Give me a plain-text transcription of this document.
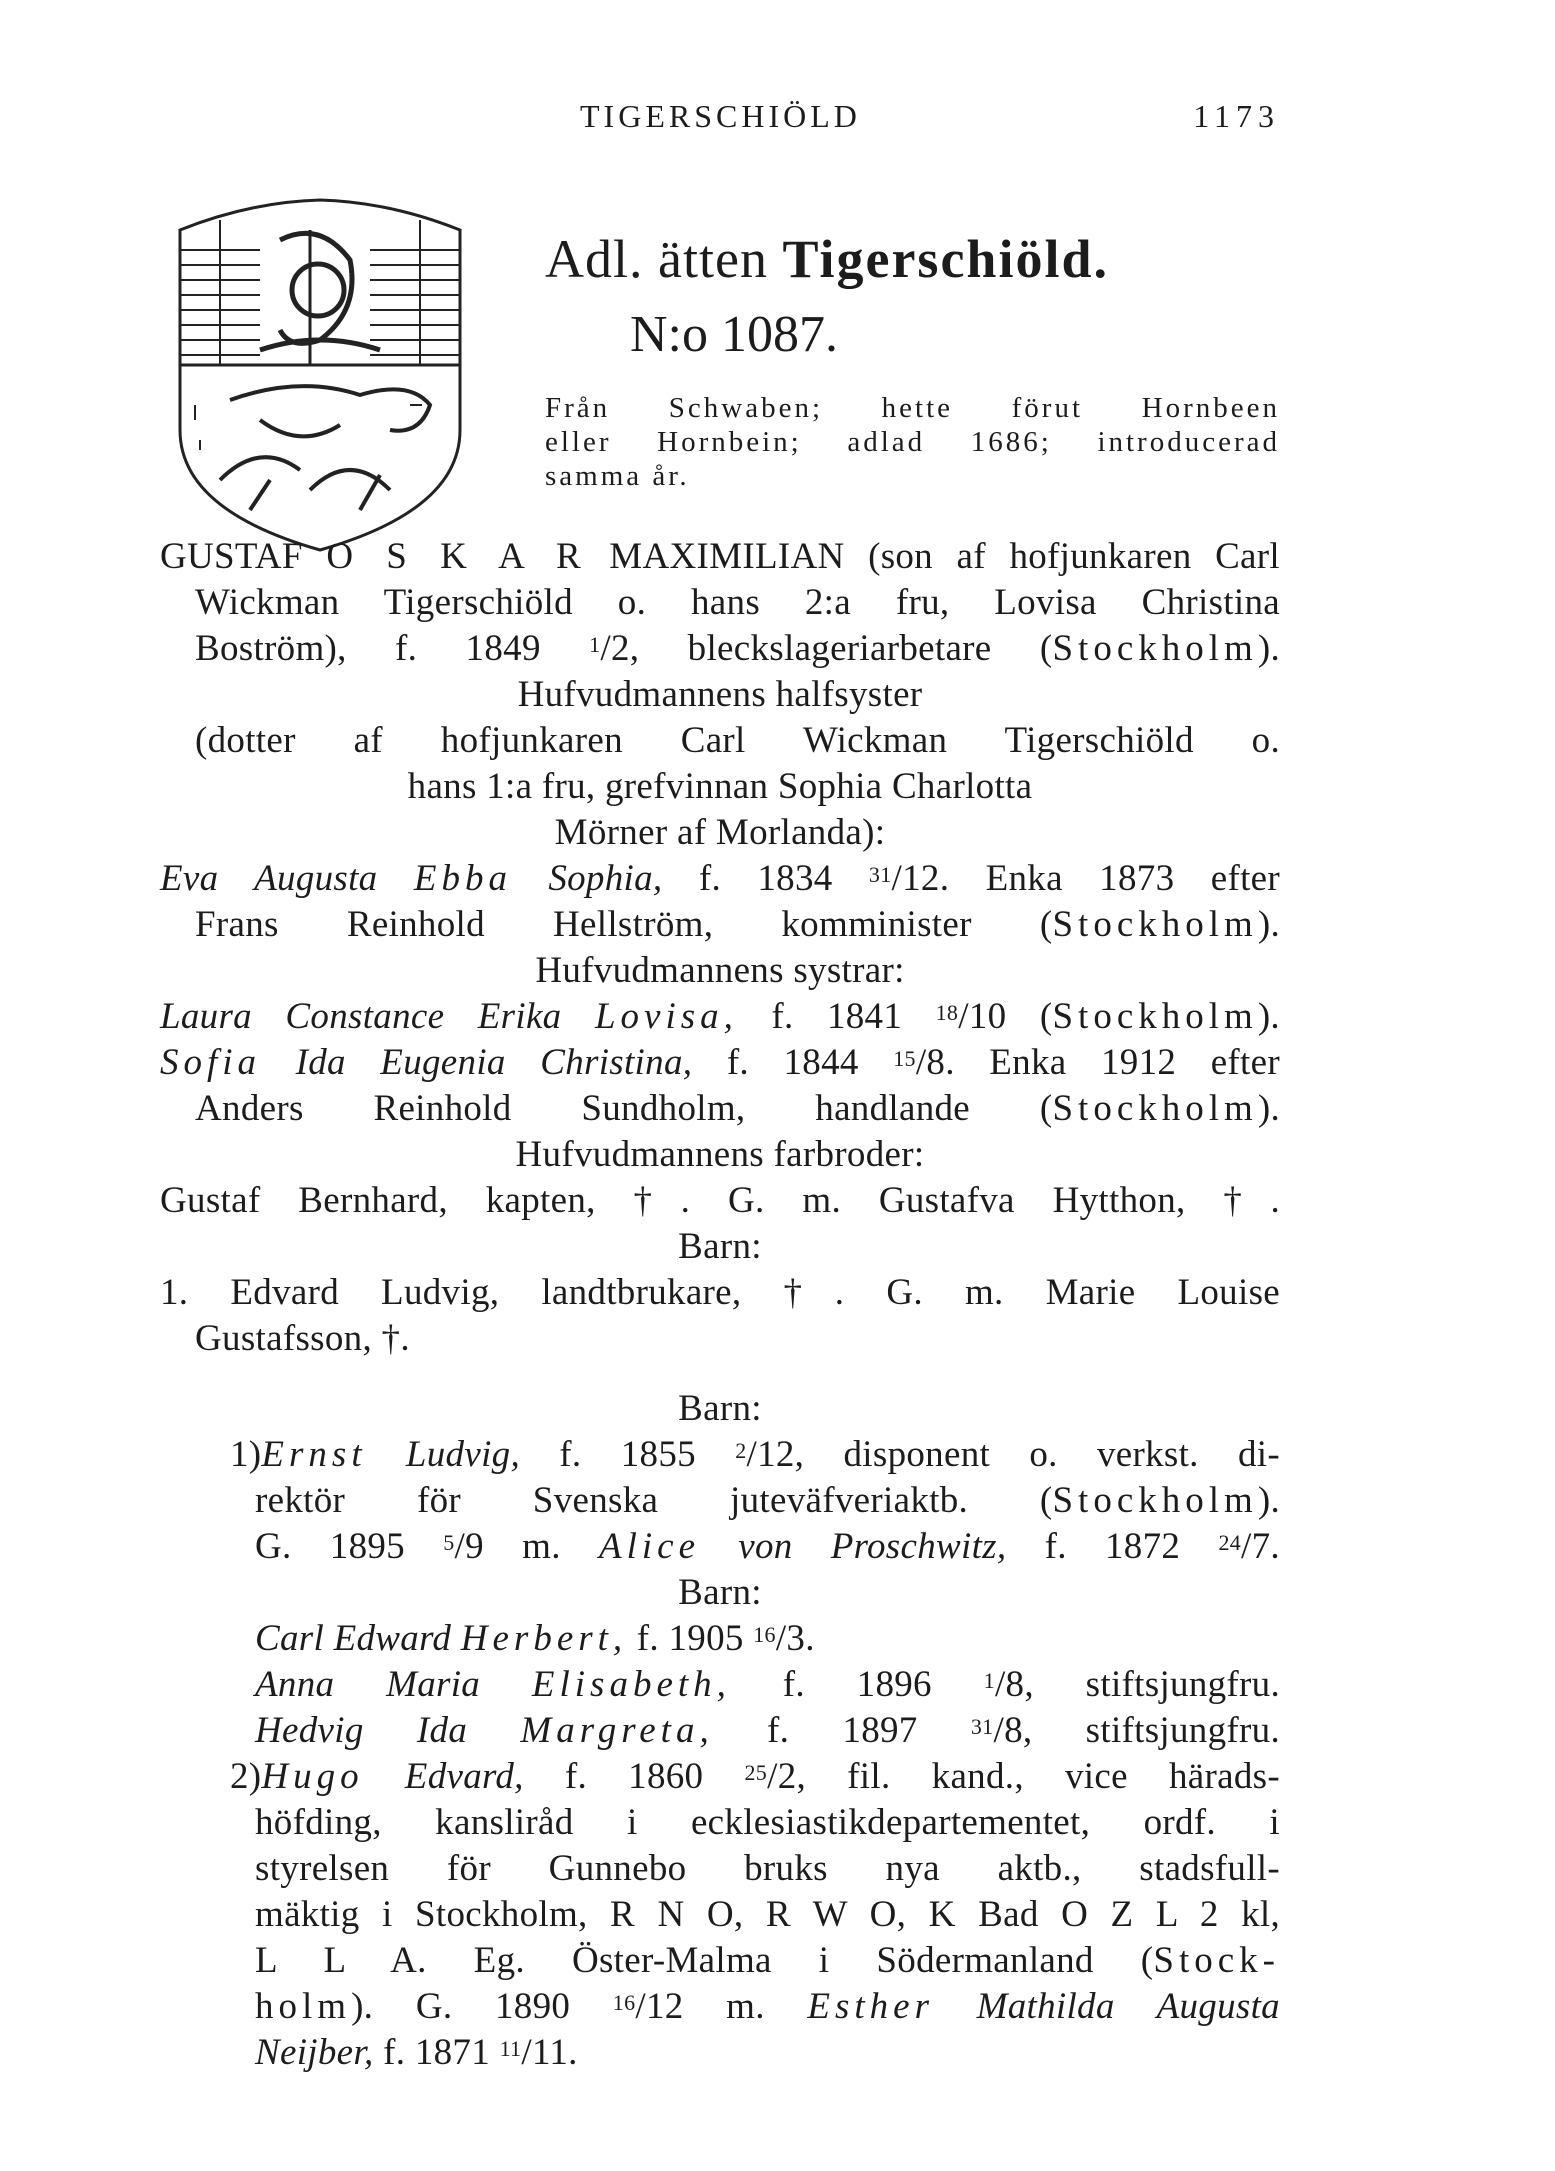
TIGERSCHIÖLD	1173
Adl. ätten Tigerschiöld.
N:o 1087.
Från Schwaben; hette förut Hornbeen
eller Hornbein; adlad 1686; introducerad
samma år.
GUSTAF O S K A R MAXIMILIAN (son af hofjunkaren Carl
Wickman Tigerschiöld o. hans 2:a fru, Lovisa Christina
Boström), f. 1849 $^1$/2, bleckslageriarbetare (Stockholm).
Hufvudmannens halfsyster
(dotter af hofjunkaren Carl Wickman Tigerschiöld o.
hans 1:a fru, grefvinnan Sophia Charlotta
Mörner af Morlanda):
Eva Augusta Ebba Sophia, f. 1834 $^{31}$/12. Enka 1873 efter
Frans Reinhold Hellström, komminister (Stockholm).
Hufvudmannens systrar:
Laura Constance Erika Lovisa, f. 1841 $^{18}$/10 (Stockholm).
Sofia Ida Eugenia Christina, f. 1844 $^{15}$/8. Enka 1912 efter
Anders Reinhold Sundholm, handlande (Stockholm).
Hufvudmannens farbroder:
Gustaf Bernhard, kapten, †. G. m. Gustafva Hytthon, †.
Barn:
1. Edvard Ludvig, landtbrukare, †. G. m. Marie Louise
Gustafsson, †.
Barn:
1)Ernst Ludvig, f. 1855 $^2$/12, disponent o. verkst. di-
rektör för Svenska juteväfveriaktb. (Stockholm).
G. 1895 $^5$/9 m. Alice von Proschwitz, f. 1872 $^{24}$/7.
Barn:
Carl Edward Herbert, f. 1905 $^{16}$/3.
Anna Maria Elisabeth, f. 1896 $^1$/8, stiftsjungfru.
Hedvig Ida Margreta, f. 1897 $^{31}$/8, stiftsjungfru.
2)Hugo Edvard, f. 1860 $^{25}$/2, fil. kand., vice härads-
höfding, kansliråd i ecklesiastikdepartementet, ordf. i
styrelsen för Gunnebo bruks nya aktb., stadsfull-
mäktig i Stockholm, R N O, R W O, K Bad O Z L 2 kl,
L L A. Eg. Öster-Malma i Södermanland (Stock-
holm). G. 1890 $^{16}$/12 m. Esther Mathilda Augusta
Neijber, f. 1871 $^{11}$/11.
